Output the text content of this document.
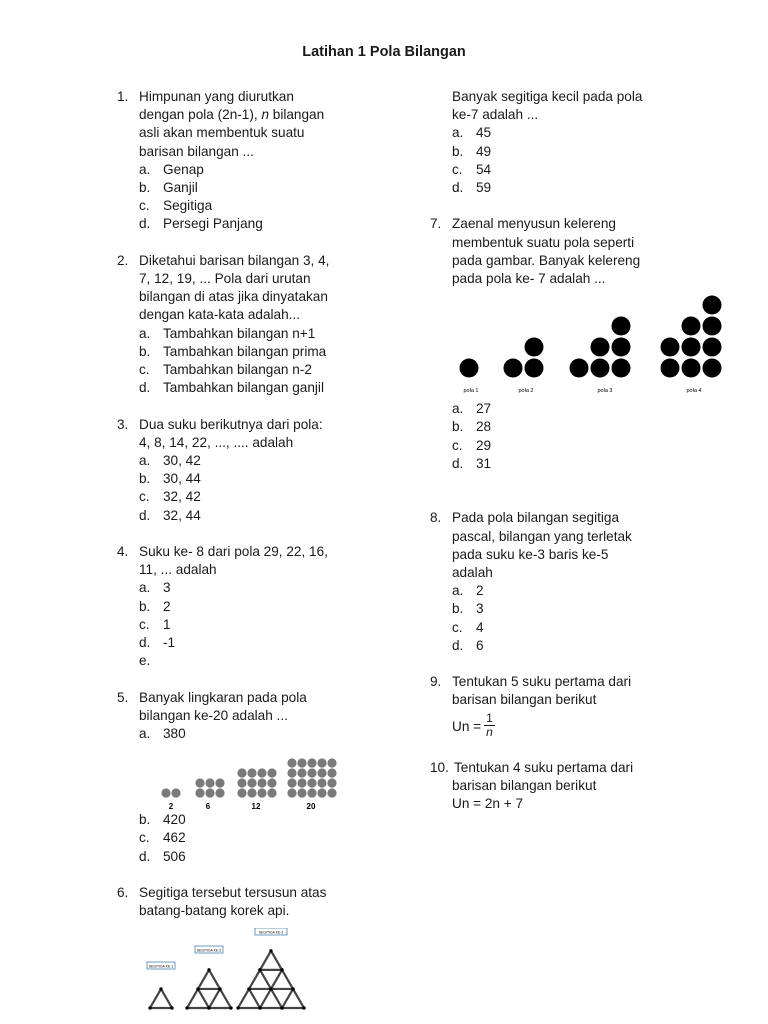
Latihan 1 Pola Bilangan
1. Himpunan yang diurutkan
dengan pola (2n-1), n bilangan
asli akan membentuk suatu
barisan bilangan ...
a. Genap
b. Ganjil
c. Segitiga
d. Persegi Panjang
2. Diketahui barisan bilangan 3, 4,
7, 12, 19, ... Pola dari urutan
bilangan di atas jika dinyatakan
dengan kata-kata adalah...
a. Tambahkan bilangan n+1
b. Tambahkan bilangan prima
c. Tambahkan bilangan n-2
d. Tambahkan bilangan ganjil
3. Dua suku berikutnya dari pola:
4, 8, 14, 22, ..., .... adalah
a. 30, 42
b. 30, 44
c. 32, 42
d. 32, 44
4. Suku ke- 8 dari pola 29, 22, 16,
11, ... adalah
a. 3
b. 2
c. 1
d. -1
e.
5. Banyak lingkaran pada pola
bilangan ke-20 adalah ...
a. 380
2	6	12	20
b. 420
c. 462
d. 506
6. Segitiga tersebut tersusun atas
batang-batang korek api.
SEGITIGA KE-1
SEGITIGA KE-2
SEGITIGA KE-3
Banyak segitiga kecil pada pola
ke-7 adalah ...
a. 45
b. 49
c. 54
d. 59
7. Zaenal menyusun kelereng
membentuk suatu pola seperti
pada gambar. Banyak kelereng
pada pola ke- 7 adalah ...
pola 1	pola 2	pola 3	pola 4
a. 27
b. 28
c. 29
d. 31
8. Pada pola bilangan segitiga
pascal, bilangan yang terletak
pada suku ke-3 baris ke-5
adalah
a. 2
b. 3
c. 4
d. 6
9. Tentukan 5 suku pertama dari
barisan bilangan berikut
$Un = \frac{1}{n}$
10. Tentukan 4 suku pertama dari
barisan bilangan berikut
Un = 2n + 7
